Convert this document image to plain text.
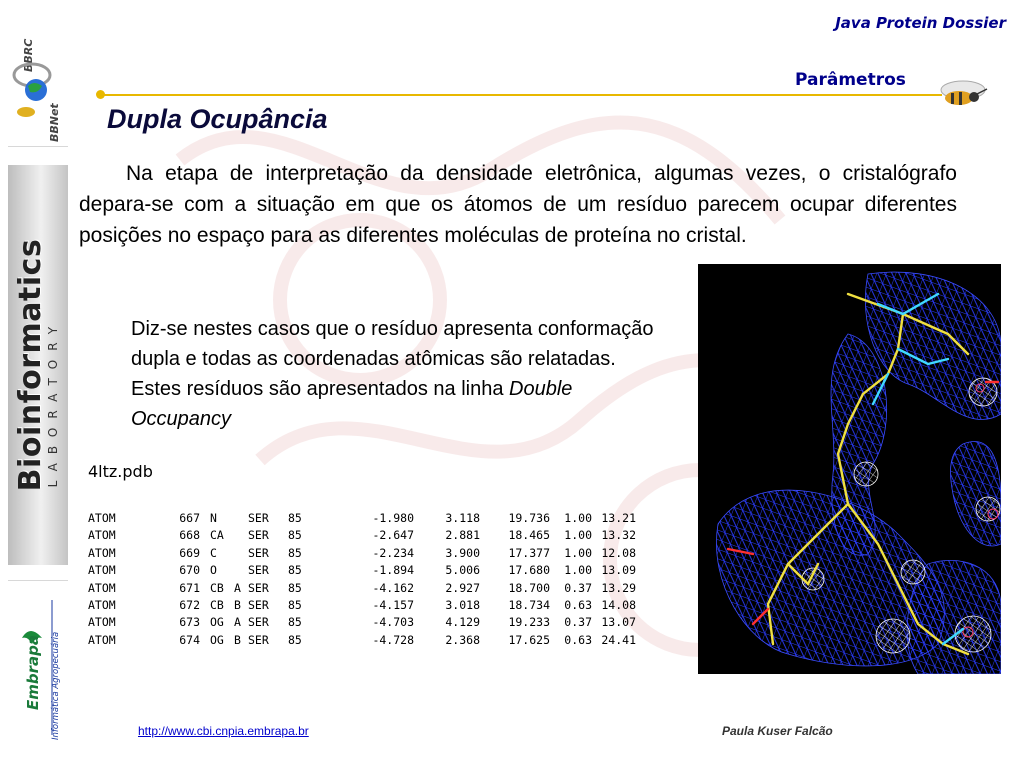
BBRC
BBNet
Bioinformatics
LABORATORY
Embrapa Informática Agropecuária
Java Protein Dossier
Parâmetros
Dupla Ocupância

Na etapa de interpretação da densidade eletrônica, algumas vezes, o cristalógrafo depara-se com a situação em que os átomos de um resíduo parecem ocupar diferentes posições no espaço para as diferentes moléculas de proteína no cristal.

Diz-se nestes casos que o resíduo apresenta conformação dupla e todas as coordenadas atômicas são relatadas. Estes resíduos são apresentados na linha Double Occupancy

4ltz.pdb
ATOM	667	N		SER	85	-1.980	3.118	19.736	1.00	13.21
ATOM	668	CA		SER	85	-2.647	2.881	18.465	1.00	13.32
ATOM	669	C		SER	85	-2.234	3.900	17.377	1.00	12.08
ATOM	670	O		SER	85	-1.894	5.006	17.680	1.00	13.09
ATOM	671	CB	A	SER	85	-4.162	2.927	18.700	0.37	13.29
ATOM	672	CB	B	SER	85	-4.157	3.018	18.734	0.63	14.08
ATOM	673	OG	A	SER	85	-4.703	4.129	19.233	0.37	13.07
ATOM	674	OG	B	SER	85	-4.728	2.368	17.625	0.63	24.41
http://www.cbi.cnpia.embrapa.br	Paula Kuser Falcão
